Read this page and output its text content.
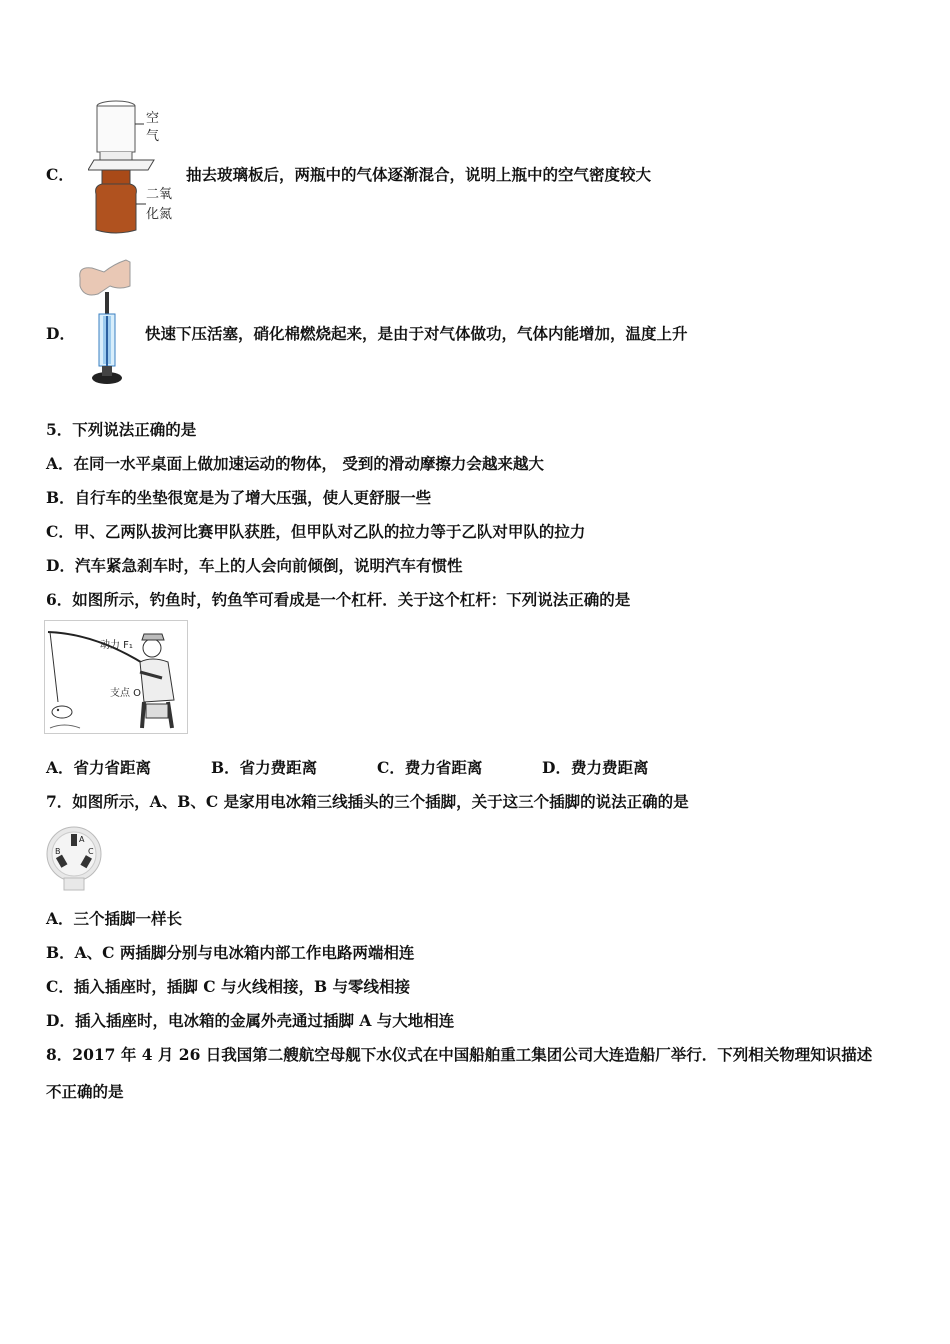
C．
空
气
二氧
化氮
抽去玻璃板后，两瓶中的气体逐渐混合，说明上瓶中的空气密度较大
D．	快速下压活塞，硝化棉燃烧起来，是由于对气体做功，气体内能增加，温度上升
5．下列说法正确的是
A．在同一水平桌面上做加速运动的物体， 受到的滑动摩擦力会越来越大
B．自行车的坐垫很宽是为了增大压强，使人更舒服一些
C．甲、乙两队拔河比赛甲队获胜，但甲队对乙队的拉力等于乙队对甲队的拉力
D．汽车紧急刹车时，车上的人会向前倾倒，说明汽车有惯性
6．如图所示，钓鱼时，钓鱼竿可看成是一个杠杆．关于这个杠杆：下列说法正确的是
动力 F₁
支点 O
A．省力省距离	B．省力费距离	C．费力省距离	D．费力费距离
7．如图所示，A、B、C 是家用电冰箱三线插头的三个插脚，关于这三个插脚的说法正确的是
A
B	C
A．三个插脚一样长
B．A、C 两插脚分别与电冰箱内部工作电路两端相连
C．插入插座时，插脚 C 与火线相接，B 与零线相接
D．插入插座时，电冰箱的金属外壳通过插脚 A 与大地相连
8．2017 年 4 月 26 日我国第二艘航空母舰下水仪式在中国船舶重工集团公司大连造船厂举行．下列相关物理知识描述
不正确的是
